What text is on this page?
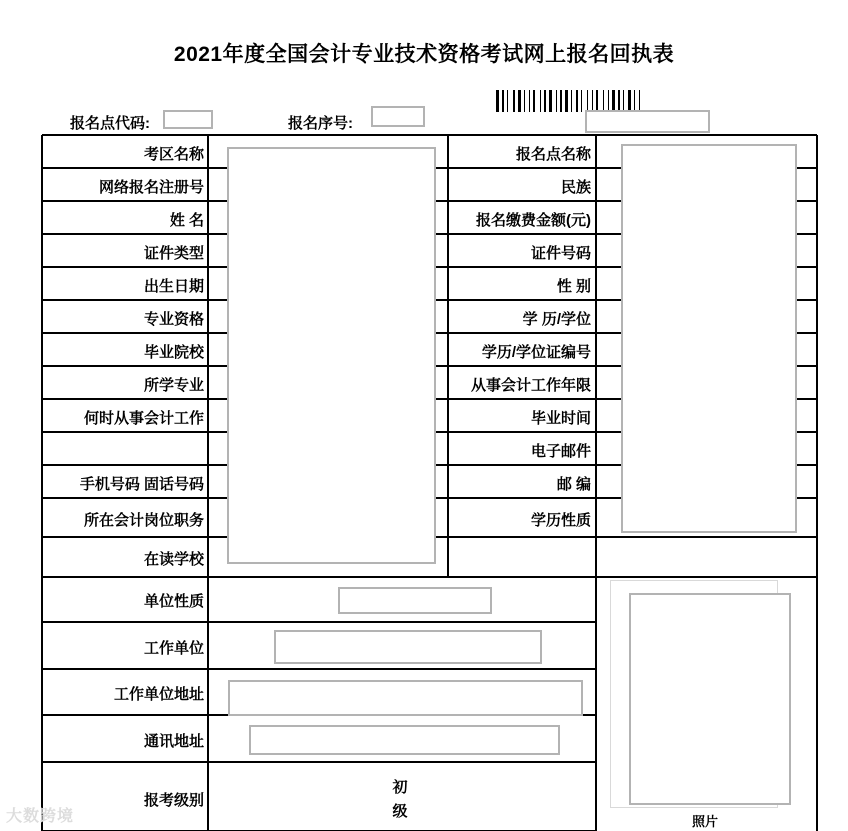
2021年度全国会计专业技术资格考试网上报名回执表
报名点代码:	报名序号:
考区名称
网络报名注册号
姓 名
证件类型
出生日期
专业资格
毕业院校
所学专业
何时从事会计工作
手机号码 固话号码
所在会计岗位职务
在读学校
报名点名称
民族
报名缴费金额(元)
证件号码
性 别
学 历/学位
学历/学位证编号
从事会计工作年限
毕业时间
电子邮件
邮 编
学历性质
单位性质
工作单位
工作单位地址
通讯地址
报考级别
初
级
照片
大数跨境
